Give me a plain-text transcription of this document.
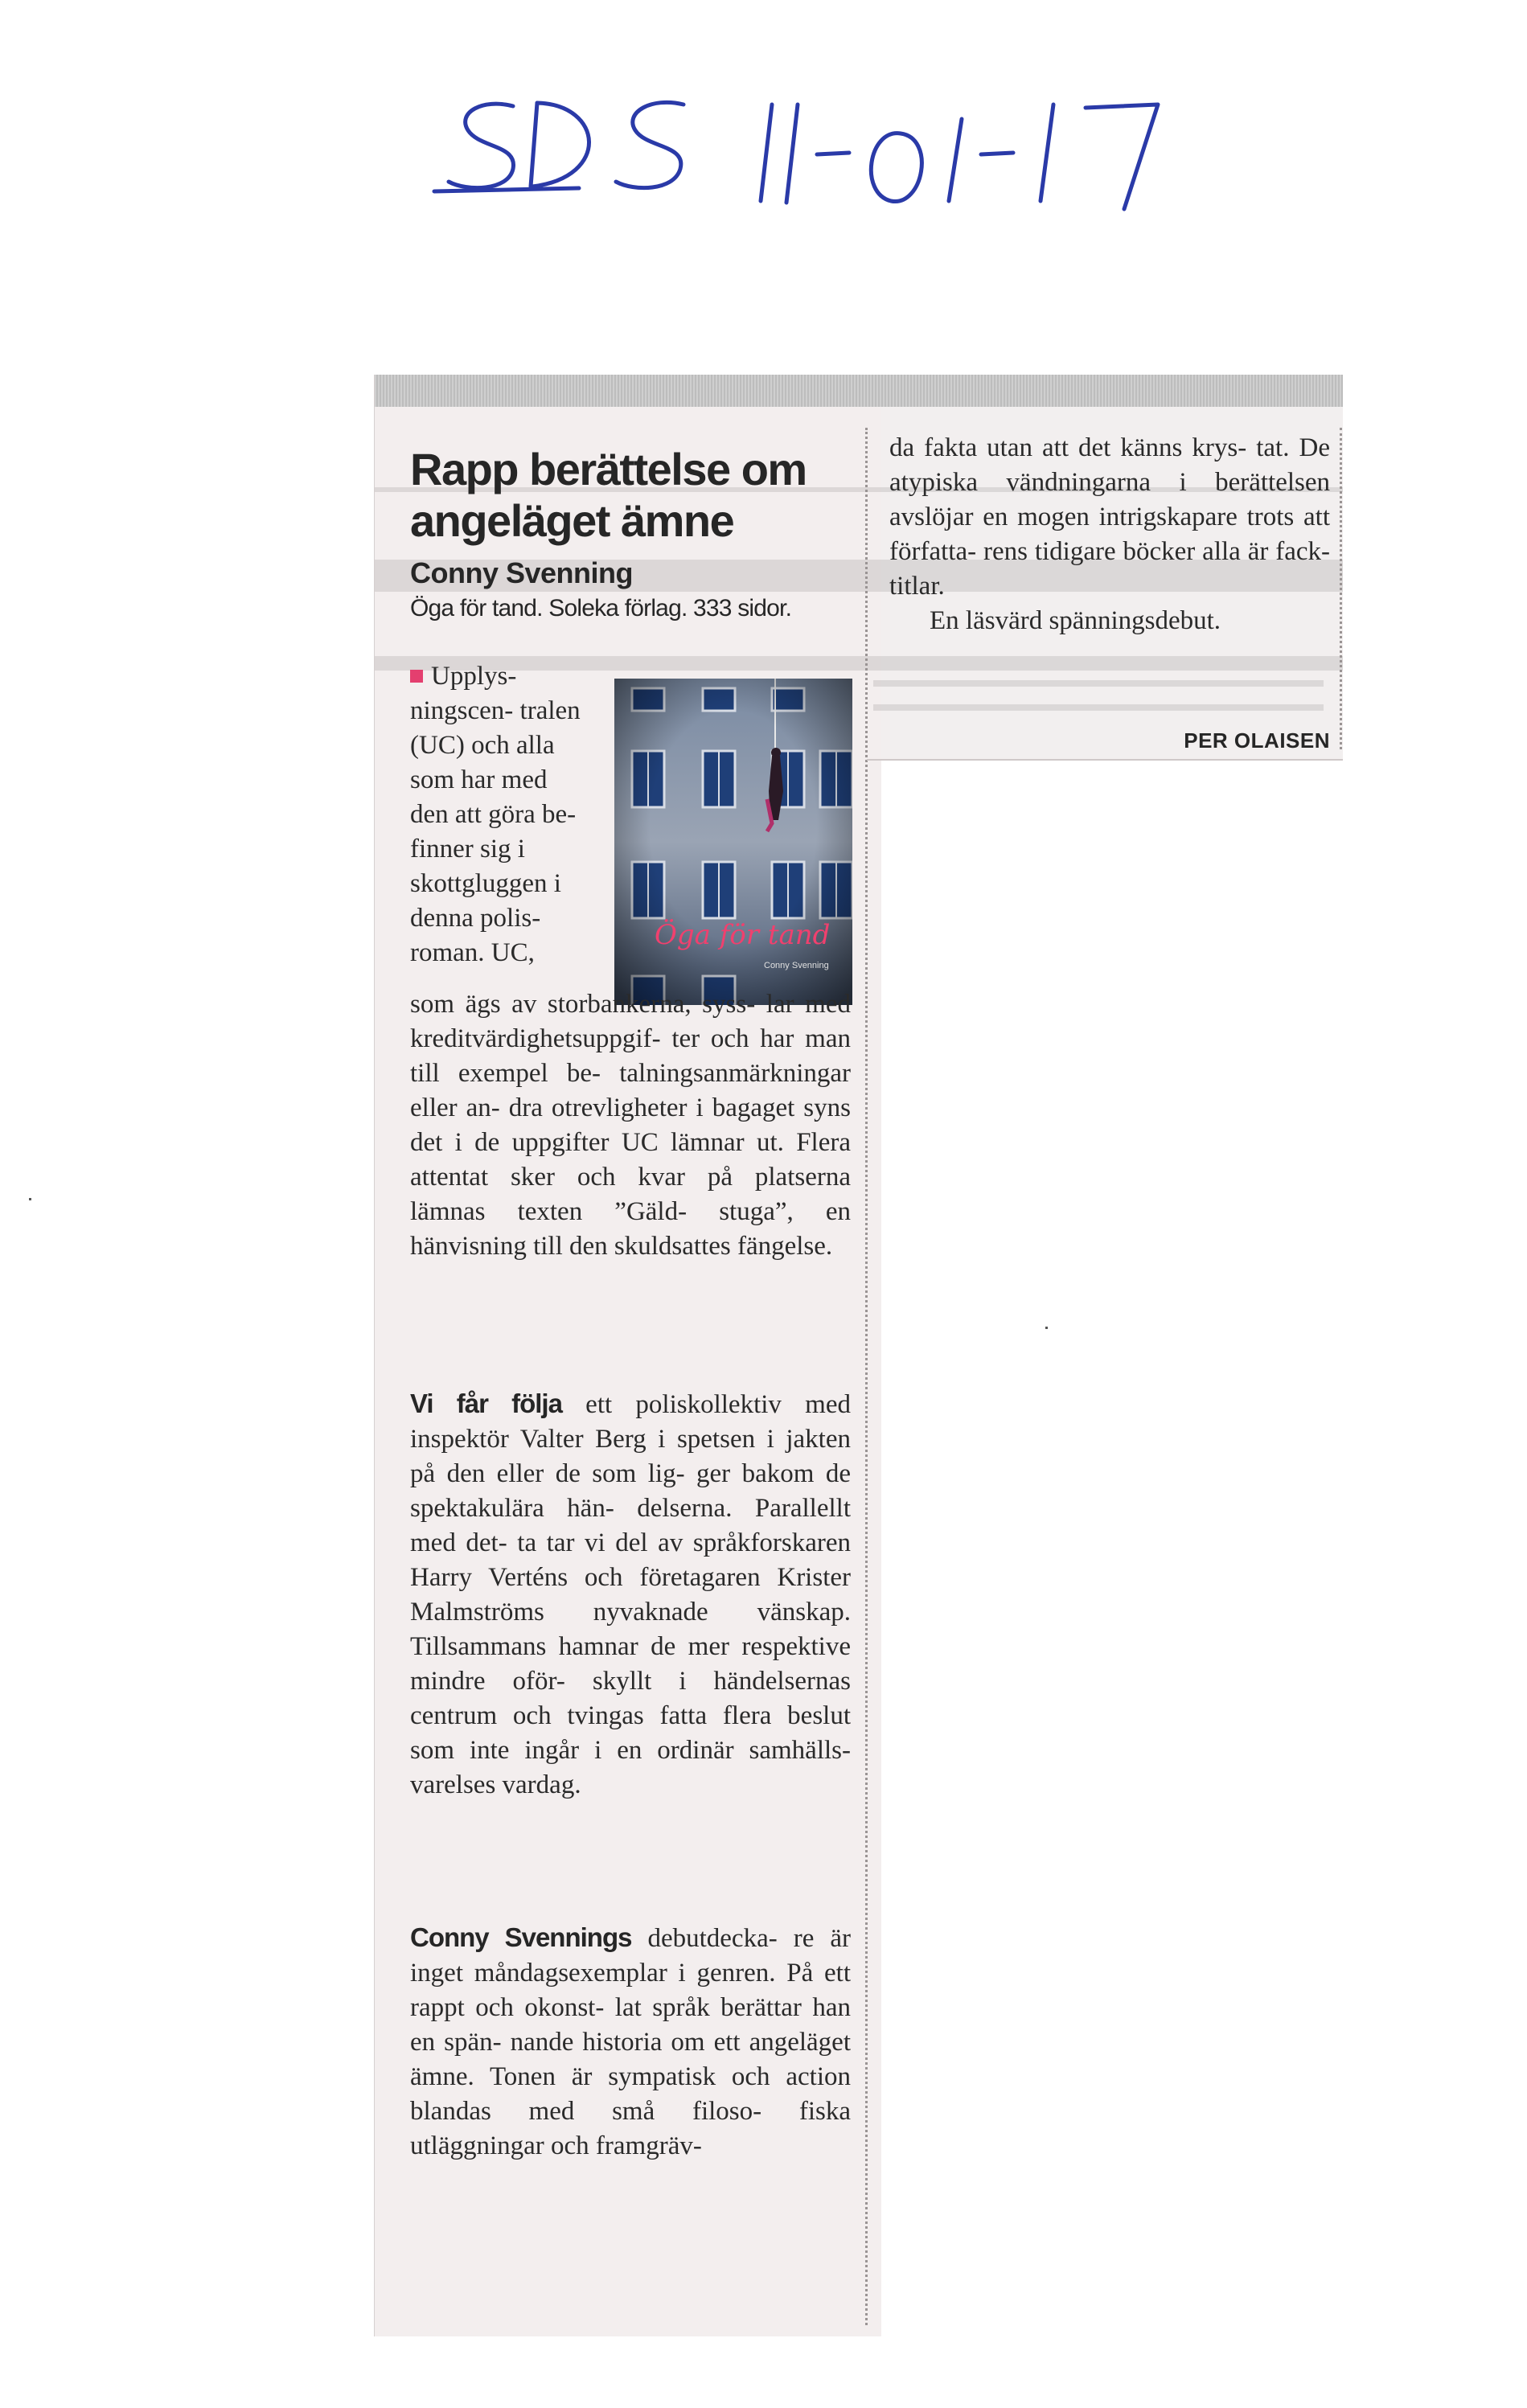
Rapp berättelse om angeläget ämne
Conny Svenning
Öga för tand. Soleka förlag. 333 sidor.

Upplys- ningscen- tralen (UC) och alla som har med den att göra be- finner sig i skottgluggen i denna polis- roman. UC,

Öga för tand
Conny Svenning

som ägs av storbankerna, syss- lar med kreditvärdighetsuppgif- ter och har man till exempel be- talningsanmärkningar eller an- dra otrevligheter i bagaget syns det i de uppgifter UC lämnar ut. Flera attentat sker och kvar på platserna lämnas texten ”Gäld- stuga”, en hänvisning till den skuldsattes fängelse.

Vi får följa ett poliskollektiv med inspektör Valter Berg i spetsen i jakten på den eller de som lig- ger bakom de spektakulära hän- delserna. Parallellt med det- ta tar vi del av språkforskaren Harry Verténs och företagaren Krister Malmströms nyvaknade vänskap. Tillsammans hamnar de mer respektive mindre oför- skyllt i händelsernas centrum och tvingas fatta flera beslut som inte ingår i en ordinär samhälls- varelses vardag.

Conny Svennings debutdecka- re är inget måndagsexemplar i genren. På ett rappt och okonst- lat språk berättar han en spän- nande historia om ett angeläget ämne. Tonen är sympatisk och action blandas med små filoso- fiska utläggningar och framgräv-

da fakta utan att det känns krys- tat. De atypiska vändningarna i berättelsen avslöjar en mogen intrigskapare trots att författa- rens tidigare böcker alla är fack- titlar.
En läsvärd spänningsdebut.

PER OLAISEN
